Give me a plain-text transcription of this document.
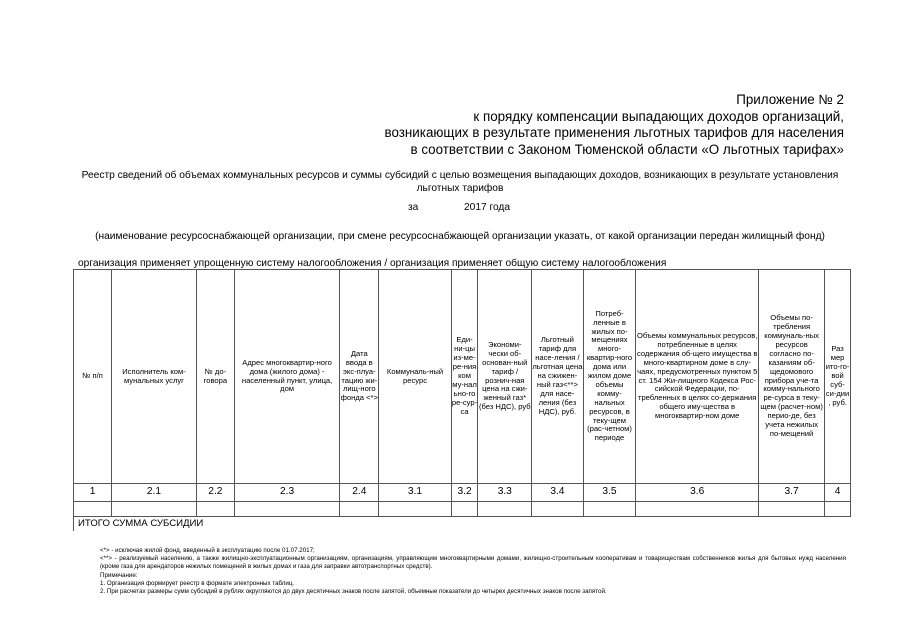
Приложение № 2
к порядку компенсации выпадающих доходов организаций,
возникающих в результате применения льготных тарифов для населения
в соответствии с Законом Тюменской области «О льготных тарифах»
Реестр сведений об объемах коммунальных ресурсов и суммы субсидий с целью возмещения выпадающих доходов, возникающих в результате установления льготных тарифов
за	2017 года
(наименование ресурсоснабжающей организации, при смене ресурсоснабжающей организации указать, от какой организации передан жилищный фонд)
организация применяет упрощенную систему налогообложения / организация применяет общую систему налогообложения
№ п/п	Исполнитель ком-мунальных услуг	№ до-говора	Адрес многоквартир-ного дома (жилого дома) - населенный пункт, улица, дом	Дата ввода в экс-плуа-тацию жи-лищ-ного фонда <*>	Коммуналь-ный ресурс	Еди-ни-цы из-ме-ре-ния ком му-нал ьно-го ре-сур-са	Экономи-чески об-основан-ный тариф / рознич-ная цена на сжи-женный газ* (без НДС), руб	Льготный тариф для насе-ления / льготная цена на сжижен-ный газ<**> для насе-ления (без НДС), руб.	Потреб-ленные в жилых по-мещениях много-квартир-ного дома или жилом доме объемы комму-нальных ресурсов, в теку-щем (рас-четном) периоде	Объемы коммунальных ресурсов, потребленные в целях содержания об-щего имущества в много-квартирном доме в слу-чаях, предусмотренных пунктом 5 ст. 154 Жи-лищного Кодекса Рос-сийской Федерации, по-требленных в целях со-держания общего иму-щества в многоквартир-ном доме	Объемы по-требления коммуналь-ных ресурсов согласно по-казаниям об-щедомового прибора уче-та комму-нального ре-сурса в теку-щем (расчет-ном) перио-де, без учета нежилых по-мещений	Раз мер ито-го-вой суб-си-дии , руб.
1	2.1	2.2	2.3	2.4	3.1	3.2	3.3	3.4	3.5	3.6	3.7	4

ИТОГО СУММА СУБСИДИИ												

<*> - исключая жилой фонд, введенный в эксплуатацию после 01.07.2017;

<**> - реализуемый населению, а также жилищно-эксплуатационным организациям, организациям, управляющим многоквартирными домами, жилищно-строительным кооперативам и товариществам собственников жилья для бытовых нужд населения (кроме газа для арендаторов нежилых помещений в жилых домах и газа для заправки автотранспортных средств).

Примечание:

1. Организация формирует реестр в формате электронных таблиц.

2. При расчетах размеры сумм субсидий в рублях округляются до двух десятичных знаков после запятой, объемные показатели до четырех десятичных знаков после запятой.
